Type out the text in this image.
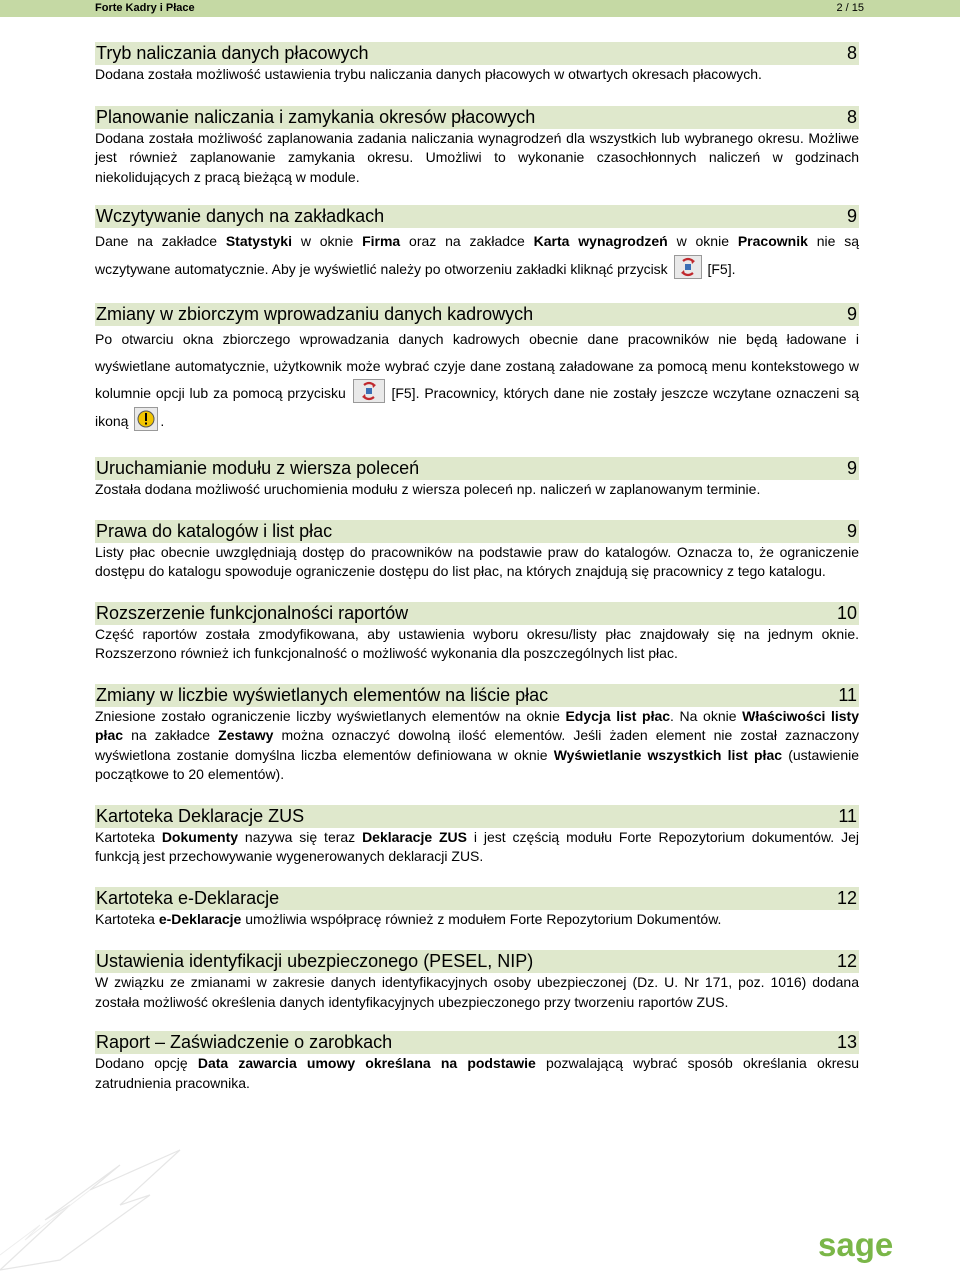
Forte Kadry i Płace	2 / 15
Tryb naliczania danych płacowych	8

Dodana została możliwość ustawienia trybu naliczania danych płacowych w otwartych okresach płacowych.

Planowanie naliczania i zamykania okresów płacowych	8

Dodana została możliwość zaplanowania zadania naliczania wynagrodzeń dla wszystkich lub wybranego okresu. Możliwe jest również zaplanowanie zamykania okresu. Umożliwi to wykonanie czasochłonnych naliczeń w godzinach niekolidujących z pracą bieżącą w module.

Wczytywanie danych na zakładkach	9

Dane na zakładce Statystyki w oknie Firma oraz na zakładce Karta wynagrodzeń w oknie Pracownik nie są wczytywane automatycznie. Aby je wyświetlić należy po otworzeniu zakładki kliknąć przycisk
[F5].

Zmiany w zbiorczym wprowadzaniu danych kadrowych	9

Po otwarciu okna zbiorczego wprowadzania danych kadrowych obecnie dane pracowników nie będą ładowane i wyświetlane automatycznie, użytkownik może wybrać czyje dane zostaną załadowane za pomocą menu kontekstowego w kolumnie opcji lub za pomocą przycisku	[F5]. Pracownicy, których dane nie zostały jeszcze wczytane oznaczeni są ikoną
.

Uruchamianie modułu z wiersza poleceń	9

Została dodana możliwość uruchomienia modułu z wiersza poleceń np. naliczeń w zaplanowanym terminie.

Prawa do katalogów i list płac	9

Listy płac obecnie uwzględniają dostęp do pracowników na podstawie praw do katalogów. Oznacza to, że ograniczenie dostępu do katalogu spowoduje ograniczenie dostępu do list płac, na których znajdują się pracownicy z tego katalogu.

Rozszerzenie funkcjonalności raportów	10

Część raportów została zmodyfikowana, aby ustawienia wyboru okresu/listy płac znajdowały się na jednym oknie. Rozszerzono również ich funkcjonalność o możliwość wykonania dla poszczególnych list płac.

Zmiany w liczbie wyświetlanych elementów na liście płac	11

Zniesione zostało ograniczenie liczby wyświetlanych elementów na oknie Edycja list płac. Na oknie Właściwości listy płac na zakładce Zestawy można oznaczyć dowolną ilość elementów. Jeśli żaden element nie został zaznaczony wyświetlona zostanie domyślna liczba elementów definiowana w oknie Wyświetlanie wszystkich list płac (ustawienie początkowe to 20 elementów).

Kartoteka Deklaracje ZUS	11

Kartoteka Dokumenty nazywa się teraz Deklaracje ZUS i jest częścią modułu Forte Repozytorium dokumentów. Jej funkcją jest przechowywanie wygenerowanych deklaracji ZUS.

Kartoteka e-Deklaracje	12

Kartoteka e-Deklaracje umożliwia współpracę również z modułem Forte Repozytorium Dokumentów.

Ustawienia identyfikacji ubezpieczonego (PESEL, NIP)	12

W związku ze zmianami w zakresie danych identyfikacyjnych osoby ubezpieczonej (Dz. U. Nr 171, poz. 1016) dodana została możliwość określenia danych identyfikacyjnych ubezpieczonego przy tworzeniu raportów ZUS.

Raport – Zaświadczenie o zarobkach	13

Dodano opcję Data zawarcia umowy określana na podstawie pozwalającą wybrać sposób określania okresu zatrudnienia pracownika.

sage
